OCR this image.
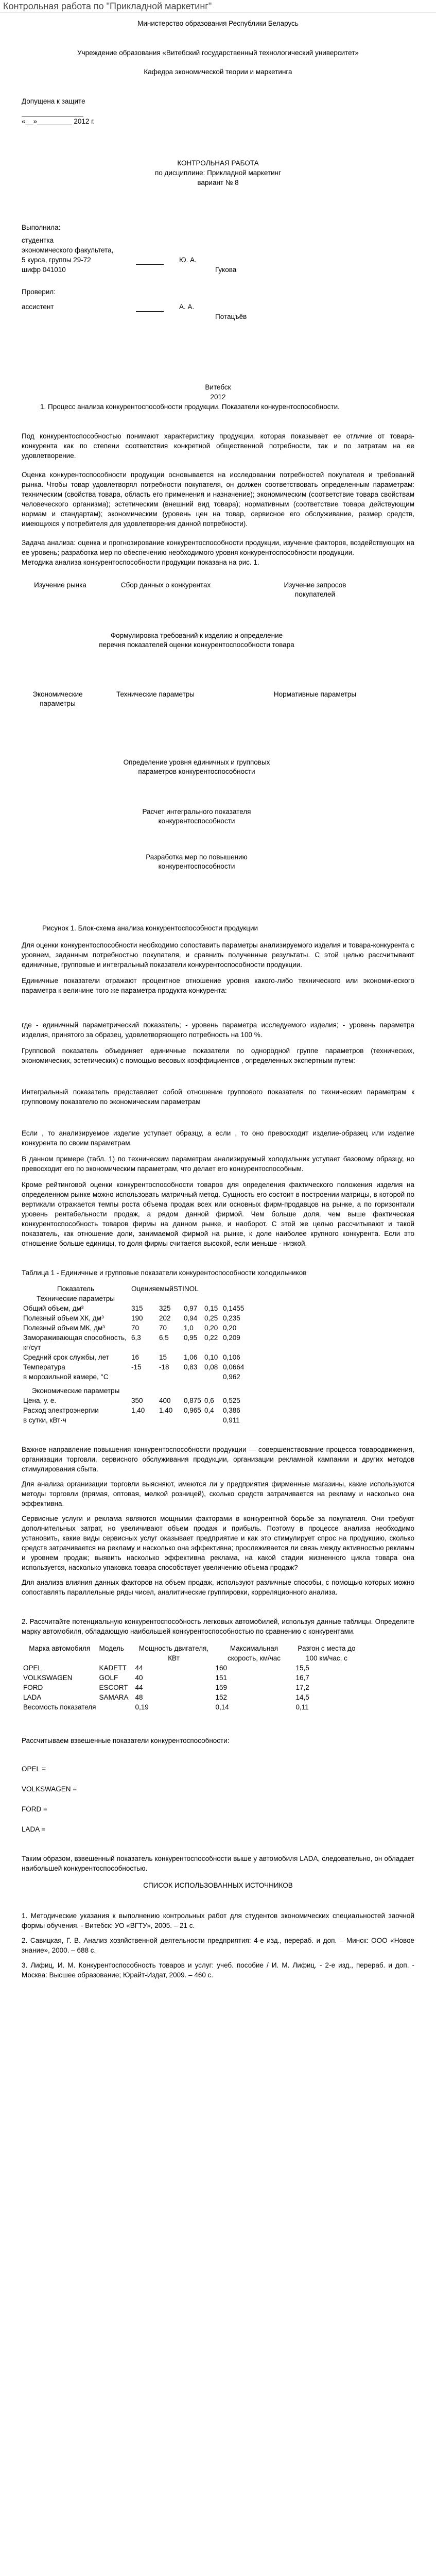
Контрольная работа по "Прикладной маркетинг"

Министерство образования Республики Беларусь

Учреждение образования «Витебский государственный технологический университет»

Кафедра экономической теории и маркетинга

Допущена к защите

«__»_________ 2012 г.

КОНТРОЛЬНАЯ РАБОТА

по дисциплине: Прикладной маркетинг

вариант № 8

Выполнила:

студентка

экономического факультета,

5 курса, группы 29-72	Ю. А.

шифр 041010	Гукова

Проверил:

ассистент	А. А.

Потацъёв

Витебск

2012

1. Процесс анализа конкурентоспособности продукции. Показатели конкурентоспособности.

Под конкурентоспособностью понимают характеристику продукции, которая показывает ее отличие от товара-конкурента как по степени соответствия конкретной общественной потребности, так и по затратам на ее удовлетворение.

Оценка конкурентоспособности продукции основывается на исследовании потребностей покупателя и требований рынка. Чтобы товар удовлетворял потребности покупателя, он должен соответствовать определенным параметрам: техническим (свойства товара, область его применения и назначение); экономическим (соответствие товара свойствам человеческого организма); эстетическим (внешний вид товара); нормативным (соответствие товара действующим нормам и стандартам); экономическим (уровень цен на товар, сервисное его обслуживание, размер средств, имеющихся у потребителя для удовлетворения данной потребности).

Задача анализа: оценка и прогнозирование конкурентоспособности продукции, изучение факторов, воздействующих на ее уровень; разработка мер по обеспечению необходимого уровня конкурентоспособности продукции.

Методика анализа конкурентоспособности продукции показана на рис. 1.

Изучение рынка	Сбор данных о конкурентах	Изучение запросов покупателей
Формулировка требований к изделию и определение перечня показателей оценки конкурентоспособности товара
Экономические параметры
Технические параметры	Нормативные параметры
Определение уровня единичных и групповых параметров конкурентоспособности
Расчет интегрального показателя конкурентоспособности
Разработка мер по повышению конкурентоспособности
Рисунок 1. Блок-схема анализа конкурентоспособности продукции

Для оценки конкурентоспособности необходимо сопоставить параметры анализируемого изделия и товара-конкурента с уровнем, заданным потребностью покупателя, и сравнить полученные результаты. С этой целью рассчитывают единичные, групповые и интегральный показатели конкурентоспособности продукции.

Единичные показатели отражают процентное отношение уровня какого-либо технического или экономического параметра к величине того же параметра продукта-конкурента:

где - единичный параметрический показатель; - уровень параметра исследуемого изделия; - уровень параметра изделия, принятого за образец, удовлетворяющего потребность на 100 %.

Групповой показатель объединяет единичные показатели по однородной группе параметров (технических, экономических, эстетических) с помощью весовых коэффициентов , определенных экспертным путем:

Интегральный показатель представляет собой отношение группового показателя по техническим параметрам к групповому показателю по экономическим параметрам

Если , то анализируемое изделие уступает образцу, а если , то оно превосходит изделие-образец или изделие конкурента по своим параметрам.

В данном примере (табл. 1) по техническим параметрам анализируемый холодильник уступает базовому образцу, но превосходит его по экономическим параметрам, что делает его конкурентоспособным.

Кроме рейтинговой оценки конкурентоспособности товаров для определения фактического положения изделия на определенном рынке можно использовать матричный метод. Сущность его состоит в построении матрицы, в которой по вертикали отражается темпы роста объема продаж всех или основных фирм-продавцов на рынке, а по горизонтали уровень рентабельности продаж, а рядом данной фирмой. Чем больше доля, чем выше фактическая конкурентоспособность товаров фирмы на данном рынке, и наоборот. С этой же целью рассчитывают и такой показатель, как отношение доли, занимаемой фирмой на рынке, к доле наиболее крупного конкурента. Если это отношение больше единицы, то доля фирмы считается высокой, если меньше - низкой.

Таблица 1 - Единичные и групповые показатели конкурентоспособности холодильников

Показатель	ОценияемыйSTINOL				
Технические параметры					
Общий объем, дм³	315	325	0,97	0,15	0,1455
Полезный объем ХК, дм³	190	202	0,94	0,25	0,235
Полезный объем МК, дм³	70	70	1,0	0,20	0,20
Замораживающая способность,	6,3	6,5	0,95	0,22	0,209
кг/сут					
Средний срок службы, лет	16	15	1,06	0,10	0,106
Температура	-15	-18	0,83	0,08	0,0664
в морозильной камере, °С					0,962
Экономические параметры					
Цена, у. е.	350	400	0,875	0,6	0,525
Расход электроэнергии	1,40	1,40	0,965	0,4	0,386
в сутки, кВт·ч					0,911

Важное направление повышения конкурентоспособности продукции — совершенствование процесса товародвижения, организации торговли, сервисного обслуживания продукции, организации рекламной кампании и других методов стимулирования сбыта.

Для анализа организации торговли выясняют, имеются ли у предприятия фирменные магазины, какие используются методы торговли (прямая, оптовая, мелкой розницей), сколько средств затрачивается на рекламу и насколько она эффективна.

Сервисные услуги и реклама являются мощными факторами в конкурентной борьбе за покупателя. Они требуют дополнительных затрат, но увеличивают объем продаж и прибыль. Поэтому в процессе анализа необходимо установить, какие виды сервисных услуг оказывает предприятие и как это стимулирует спрос на продукцию, сколько средств затрачивается на рекламу и насколько она эффективна; прослеживается ли связь между активностью рекламы и уровнем продаж; выявить насколько эффективна реклама, на какой стадии жизненного цикла товара она используется, насколько упаковка товара способствует увеличению объема продаж?

Для анализа влияния данных факторов на объем продаж, используют различные способы, с помощью которых можно сопоставлять параллельные ряды чисел, аналитические группировки, корреляционного анализа.

2. Рассчитайте потенциальную конкурентоспособность легковых автомобилей, используя данные таблицы. Определите марку автомобиля, обладающую наибольшей конкурентоспособностью по сравнению с конкурентами.

Марка автомобиля	Модель	Мощность двигателя, КВт	Максимальная скорость, км/час	Разгон с места до 100 км/час, с
OPEL	KADETT	44	160	15,5
VOLKSWAGEN	GOLF	40	151	16,7
FORD	ESCORT	44	159	17,2
LADA	SAMARA	48	152	14,5
Весомость показателя		0,19	0,14	0,11

Рассчитываем взвешенные показатели конкурентоспособности:

OPEL =

VOLKSWAGEN =

FORD =

LADA =

Таким образом, взвешенный показатель конкурентоспособности выше у автомобиля LADA, следовательно, он обладает наибольшей конкурентоспособностью.

СПИСОК ИСПОЛЬЗОВАННЫХ ИСТОЧНИКОВ

1. Методические указания к выполнению контрольных работ для студентов экономических специальностей заочной формы обучения. - Витебск: УО «ВГТУ», 2005. – 21 с.

2. Савицкая, Г. В. Анализ хозяйственной деятельности предприятия: 4-е изд., перераб. и доп. – Минск: ООО «Новое знание», 2000. – 688 с.

3. Лифиц, И. М. Конкурентоспособность товаров и услуг: учеб. пособие / И. М. Лифиц. - 2-е изд., перераб. и доп. - Москва: Высшее образование; Юрайт-Издат, 2009. – 460 с.
